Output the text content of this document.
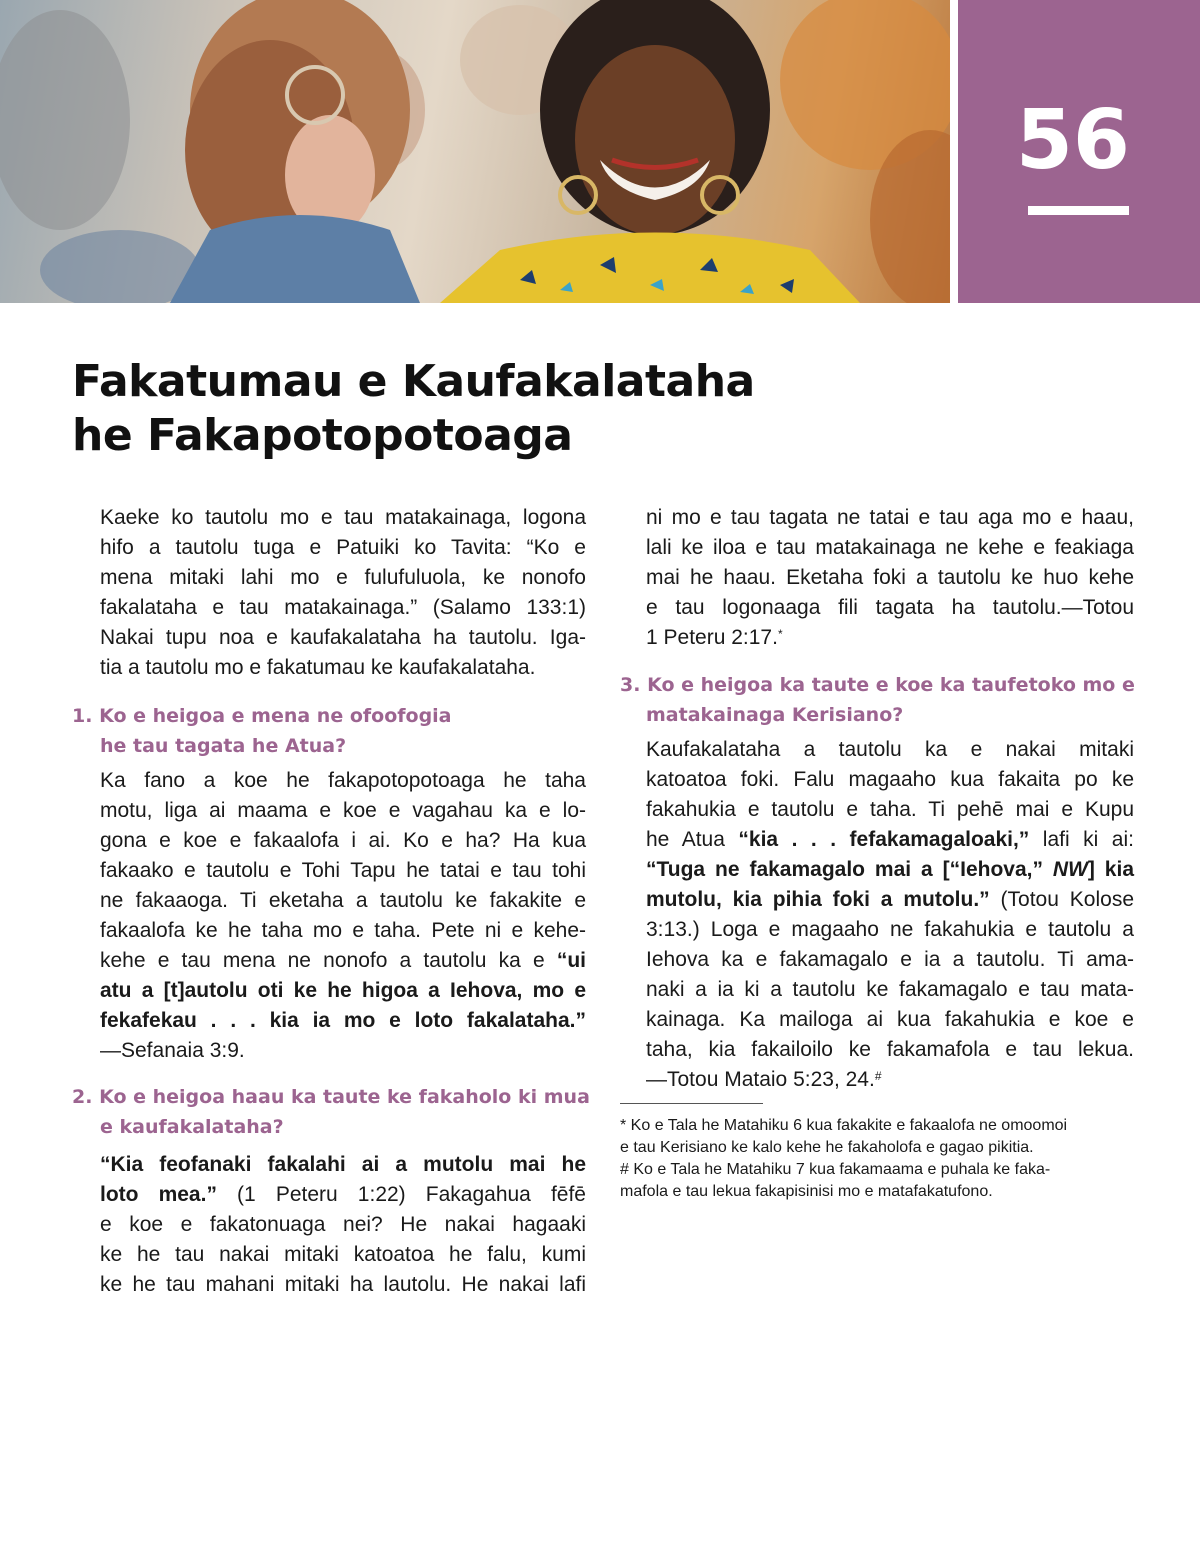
56
Fakatumau e Kaufakalataha
he Fakapotopotoaga
Kaeke ko tautolu mo e tau matakainaga, logona
hifo a tautolu tuga e Patuiki ko Tavita: “Ko e
mena mitaki lahi mo e fulufuluola, ke nonofo
fakalataha e tau matakainaga.” (Salamo 133:1)
Nakai tupu noa e kaufakalataha ha tautolu. Iga-
tia a tautolu mo e fakatumau ke kaufakalataha.
1. Ko e heigoa e mena ne ofoofogia
he tau tagata he Atua?
Ka fano a koe he fakapotopotoaga he taha
motu, liga ai maama e koe e vagahau ka e lo-
gona e koe e fakaalofa i ai. Ko e ha? Ha kua
fakaako e tautolu e Tohi Tapu he tatai e tau tohi
ne fakaaoga. Ti eketaha a tautolu ke fakakite e
fakaalofa ke he taha mo e taha. Pete ni e kehe-
kehe e tau mena ne nonofo a tautolu ka e “ui
atu a [t]autolu oti ke he higoa a Iehova, mo e
fekafekau . . . kia ia mo e loto fakalataha.”
—Sefanaia 3:9.
2. Ko e heigoa haau ka taute ke fakaholo ki mua
e kaufakalataha?
“Kia feofanaki fakalahi ai a mutolu mai he
loto mea.” (1 Peteru 1:22) Fakagahua fēfē
e koe e fakatonuaga nei? He nakai hagaaki
ke he tau nakai mitaki katoatoa he falu, kumi
ke he tau mahani mitaki ha lautolu. He nakai lafi
ni mo e tau tagata ne tatai e tau aga mo e haau,
lali ke iloa e tau matakainaga ne kehe e feakiaga
mai he haau. Eketaha foki a tautolu ke huo kehe
e tau logonaaga fili tagata ha tautolu.—Totou
1 Peteru 2:17.*
3. Ko e heigoa ka taute e koe ka taufetoko mo e
matakainaga Kerisiano?
Kaufakalataha a tautolu ka e nakai mitaki
katoatoa foki. Falu magaaho kua fakaita po ke
fakahukia e tautolu e taha. Ti pehē mai e Kupu
he Atua “kia . . . fefakamagaloaki,” lafi ki ai:
“Tuga ne fakamagalo mai a [“Iehova,” NW] kia
mutolu, kia pihia foki a mutolu.” (Totou Kolose
3:13.) Loga e magaaho ne fakahukia e tautolu a
Iehova ka e fakamagalo e ia a tautolu. Ti ama-
naki a ia ki a tautolu ke fakamagalo e tau mata-
kainaga. Ka mailoga ai kua fakahukia e koe e
taha, kia fakailoilo ke fakamafola e tau lekua.
—Totou Mataio 5:23, 24.#
* Ko e Tala he Matahiku 6 kua fakakite e fakaalofa ne omoomoi
e tau Kerisiano ke kalo kehe he fakaholofa e gagao pikitia.
# Ko e Tala he Matahiku 7 kua fakamaama e puhala ke faka-
mafola e tau lekua fakapisinisi mo e matafakatufono.
